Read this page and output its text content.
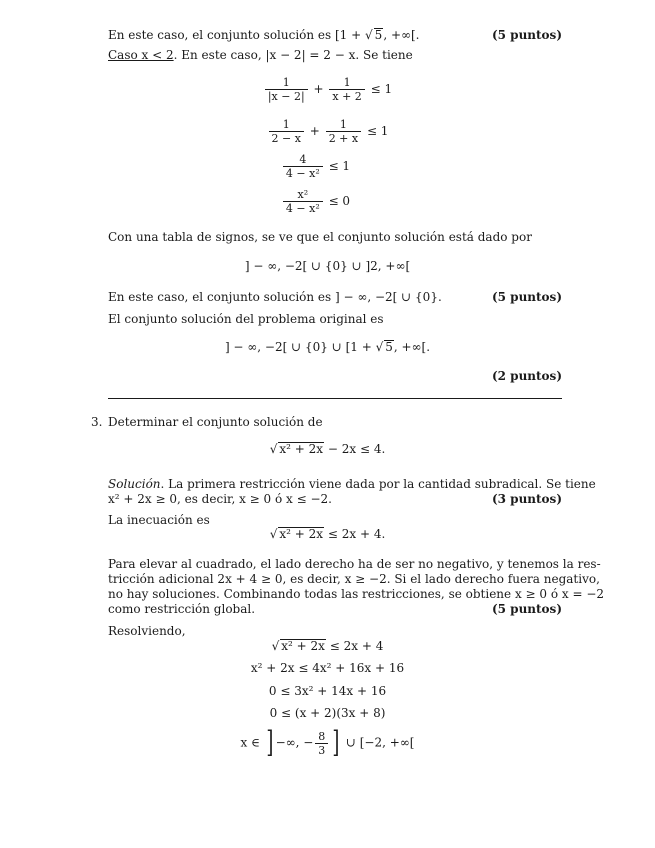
En este caso, el conjunto solución es [1 + √ 5, +∞[.	(5 puntos)
Caso x < 2. En este caso, |x − 2| = 2 − x. Se tiene
$\frac{1}{|x - 2|} + \frac{1}{x + 2} \le 1$
$\frac{1}{2 - x} + \frac{1}{2 + x} \le 1$
$\frac{4}{\text{4 − x²}} \le 1$
$\frac{\text{x²}}{\text{4 − x²}} \le 0$
Con una tabla de signos, se ve que el conjunto solución está dado por
] − ∞, −2[ ∪ {0} ∪ ]2, +∞[
En este caso, el conjunto solución es ] − ∞, −2[ ∪ {0}.	(5 puntos)
El conjunto solución del problema original es
] − ∞, −2[ ∪ {0} ∪ [1 + √ 5, +∞[.
(2 puntos)
3. Determinar el conjunto solución de
√ x² + 2x − 2x ≤ 4.
Solución. La primera restricción viene dada por la cantidad subradical. Se tiene
x² + 2x ≥ 0, es decir, x ≥ 0 ó x ≤ −2.	(3 puntos)
La inecuación es
√ x² + 2x ≤ 2x + 4.
Para elevar al cuadrado, el lado derecho ha de ser no negativo, y tenemos la res-
tricción adicional 2x + 4 ≥ 0, es decir, x ≥ −2. Si el lado derecho fuera negativo,
no hay soluciones. Combinando todas las restricciones, se obtiene x ≥ 0 ó x = −2
como restricción global.	(5 puntos)
Resolviendo,
√ x² + 2x ≤ 2x + 4
x² + 2x ≤ 4x² + 16x + 16
0 ≤ 3x² + 14x + 16
0 ≤ (x + 2)(3x + 8)
x ∈ ] −∞, − $\frac{8}{3}$ ] ∪ [−2, +∞[
